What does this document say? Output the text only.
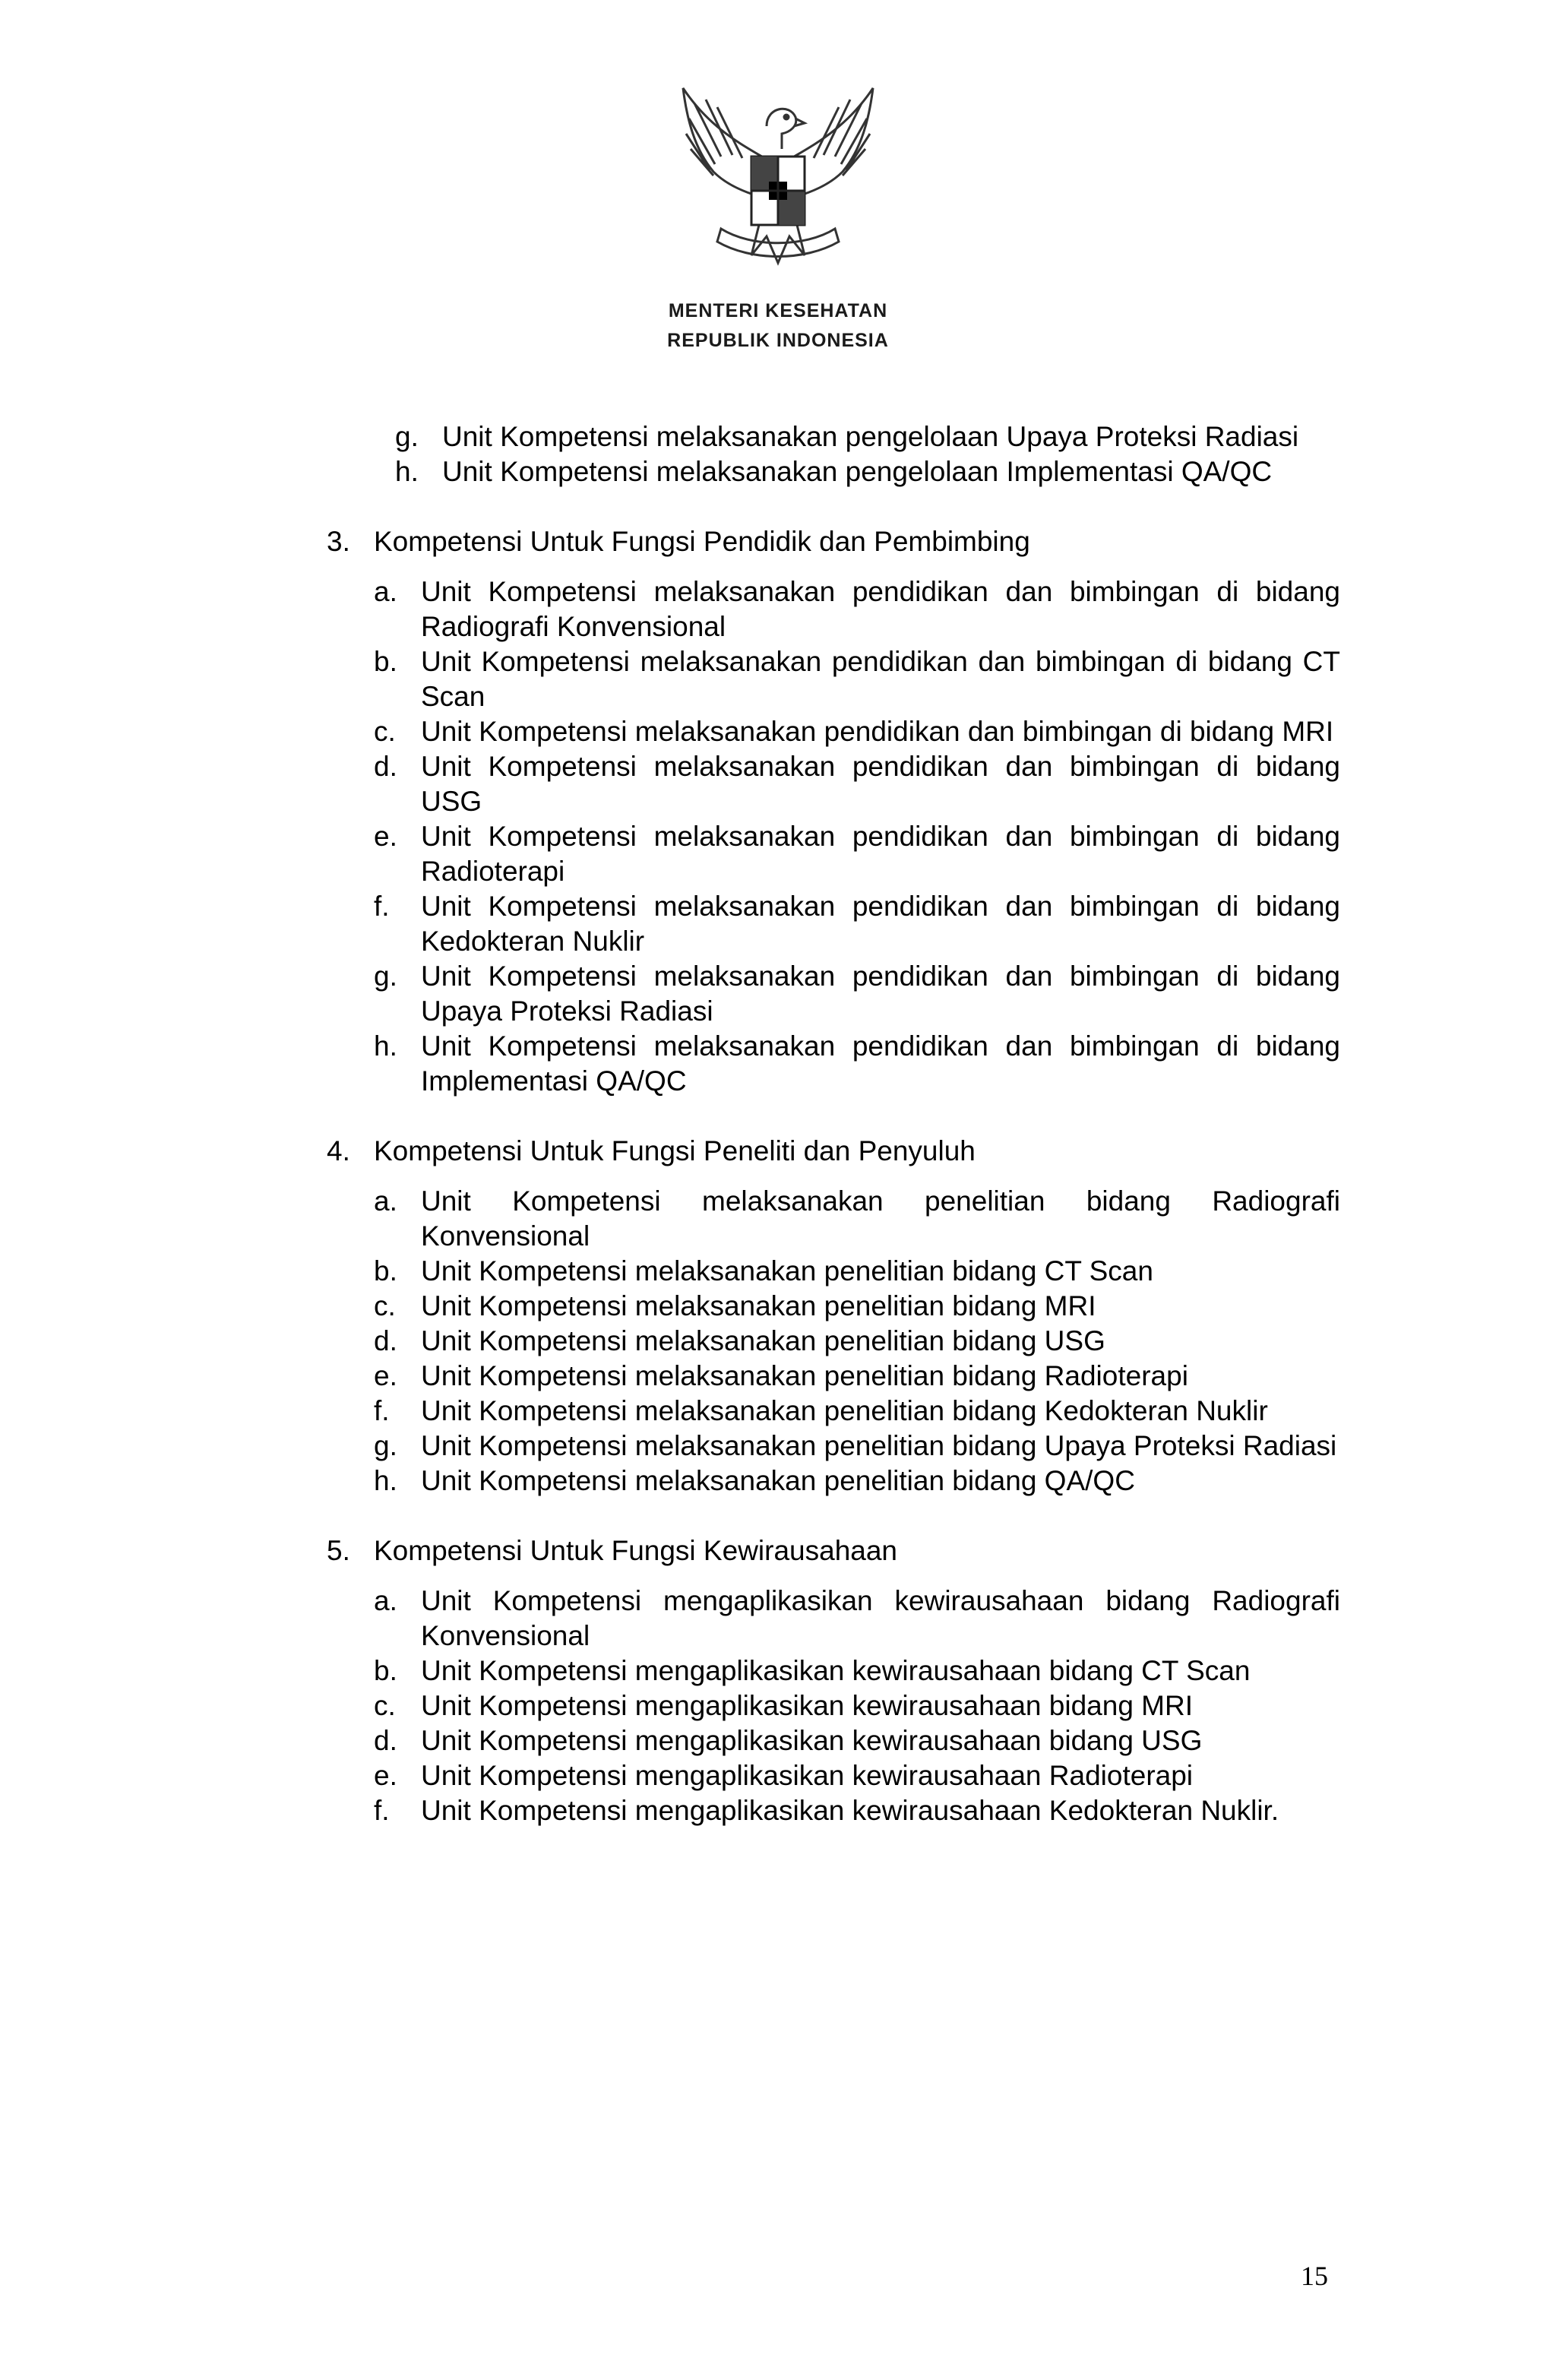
MENTERI KESEHATAN
REPUBLIK INDONESIA
g. Unit Kompetensi melaksanakan pengelolaan Upaya Proteksi Radiasi
h. Unit Kompetensi melaksanakan pengelolaan Implementasi QA/QC
3. Kompetensi Untuk Fungsi Pendidik dan Pembimbing
a. Unit Kompetensi melaksanakan pendidikan dan bimbingan di bidang Radiografi Konvensional
b. Unit Kompetensi melaksanakan pendidikan dan bimbingan di bidang CT Scan
c. Unit Kompetensi melaksanakan pendidikan dan bimbingan di bidang MRI
d. Unit Kompetensi melaksanakan pendidikan dan bimbingan di bidang USG
e. Unit Kompetensi melaksanakan pendidikan dan bimbingan di bidang Radioterapi
f.	Unit Kompetensi melaksanakan pendidikan dan bimbingan di bidang Kedokteran Nuklir
g. Unit Kompetensi melaksanakan pendidikan dan bimbingan di bidang Upaya Proteksi Radiasi
h. Unit Kompetensi melaksanakan pendidikan dan bimbingan di bidang Implementasi QA/QC
4. Kompetensi Untuk Fungsi Peneliti dan Penyuluh
a. Unit Kompetensi melaksanakan penelitian bidang Radiografi Konvensional
b. Unit Kompetensi melaksanakan penelitian bidang CT Scan
c. Unit Kompetensi melaksanakan penelitian bidang MRI
d. Unit Kompetensi melaksanakan penelitian bidang USG
e. Unit Kompetensi melaksanakan penelitian bidang Radioterapi
f.	Unit Kompetensi melaksanakan penelitian bidang Kedokteran Nuklir
g. Unit Kompetensi melaksanakan penelitian bidang Upaya Proteksi Radiasi
h. Unit Kompetensi melaksanakan penelitian bidang QA/QC
5. Kompetensi Untuk Fungsi Kewirausahaan
a. Unit Kompetensi mengaplikasikan kewirausahaan bidang Radiografi Konvensional
b. Unit Kompetensi mengaplikasikan kewirausahaan bidang CT Scan
c. Unit Kompetensi mengaplikasikan kewirausahaan bidang MRI
d. Unit Kompetensi mengaplikasikan kewirausahaan bidang USG
e. Unit Kompetensi mengaplikasikan kewirausahaan Radioterapi
f.	Unit Kompetensi mengaplikasikan kewirausahaan Kedokteran Nuklir.
15
